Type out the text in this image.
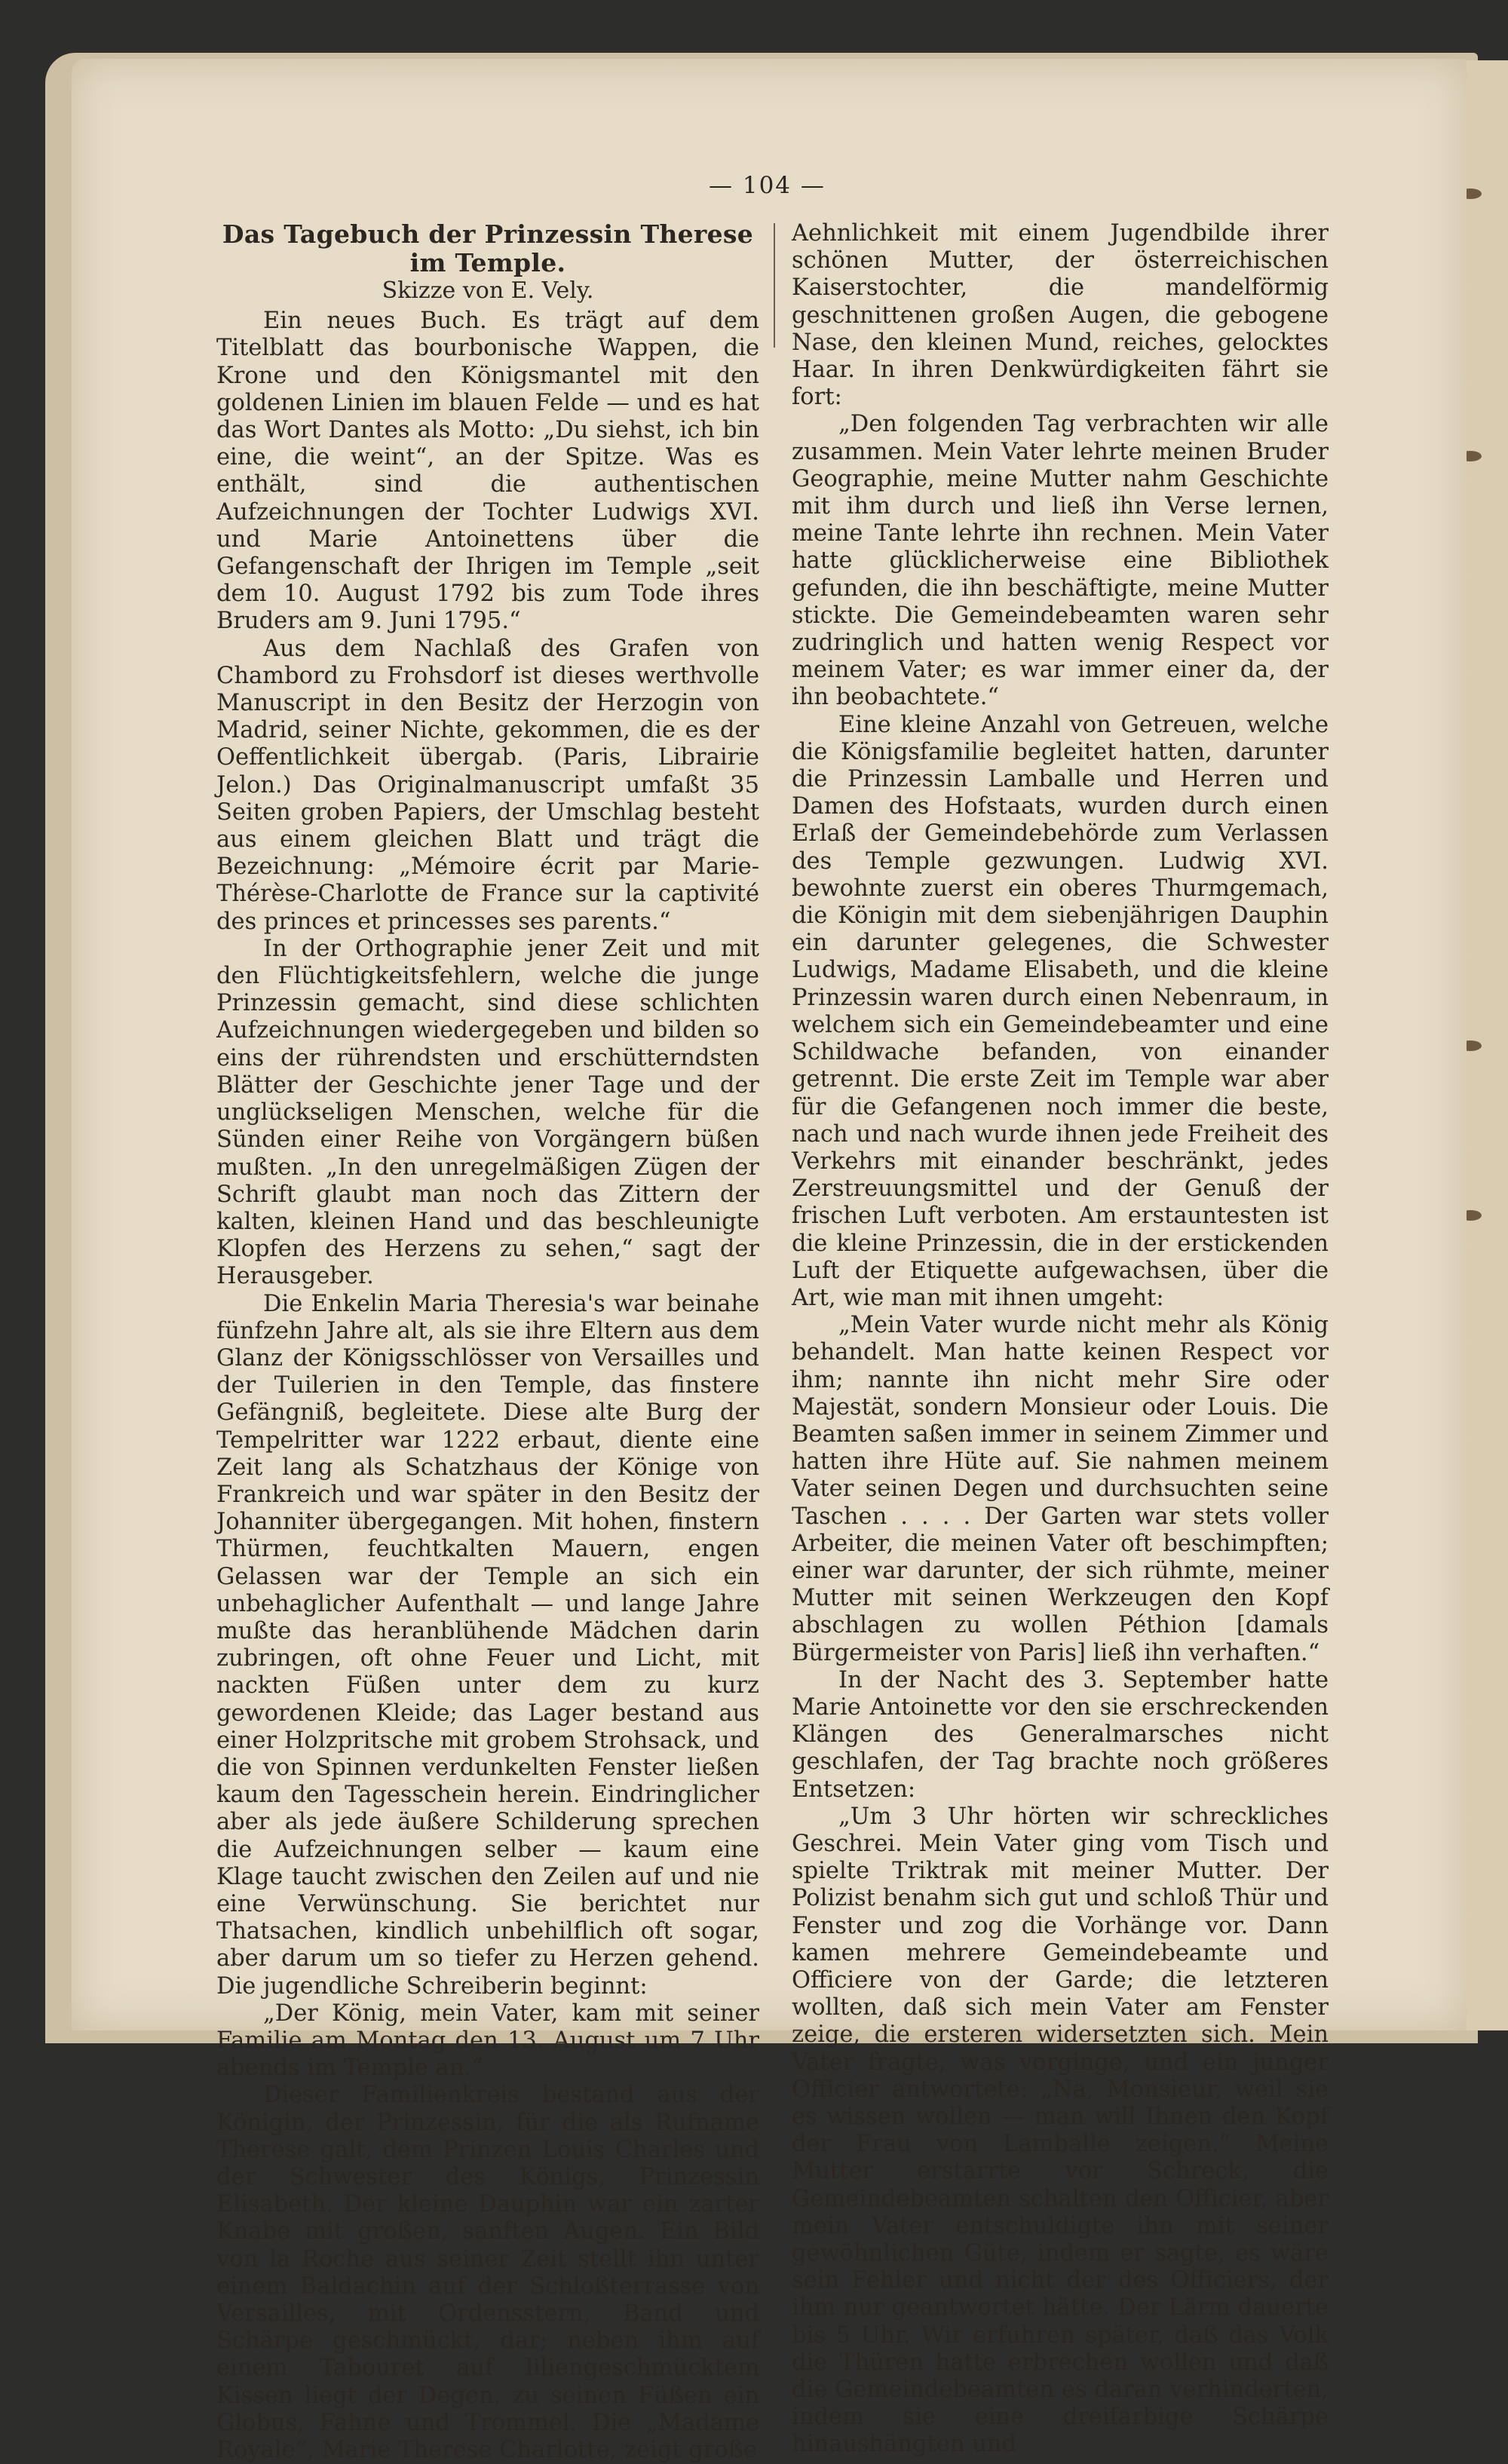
— 104 —
Das Tagebuch der Prinzessin Therese im Temple.
Skizze von E. Vely.

Ein neues Buch. Es trägt auf dem Titelblatt das bourbonische Wappen, die Krone und den Königsmantel mit den goldenen Linien im blauen Felde — und es hat das Wort Dantes als Motto: „Du siehst, ich bin eine, die weint“, an der Spitze. Was es enthält, sind die authentischen Aufzeichnungen der Tochter Ludwigs XVI. und Marie Antoinettens über die Gefangenschaft der Ihrigen im Temple „seit dem 10. August 1792 bis zum Tode ihres Bruders am 9. Juni 1795.“

Aus dem Nachlaß des Grafen von Chambord zu Frohsdorf ist dieses werthvolle Manuscript in den Besitz der Herzogin von Madrid, seiner Nichte, gekommen, die es der Oeffentlichkeit übergab. (Paris, Librairie Jelon.) Das Originalmanuscript umfaßt 35 Seiten groben Papiers, der Umschlag besteht aus einem gleichen Blatt und trägt die Bezeichnung: „Mémoire écrit par Marie-Thérèse-Charlotte de France sur la captivité des princes et princesses ses parents.“

In der Orthographie jener Zeit und mit den Flüchtigkeitsfehlern, welche die junge Prinzessin gemacht, sind diese schlichten Aufzeichnungen wiedergegeben und bilden so eins der rührendsten und erschütterndsten Blätter der Geschichte jener Tage und der unglückseligen Menschen, welche für die Sünden einer Reihe von Vorgängern büßen mußten. „In den unregelmäßigen Zügen der Schrift glaubt man noch das Zittern der kalten, kleinen Hand und das beschleunigte Klopfen des Herzens zu sehen,“ sagt der Herausgeber.

Die Enkelin Maria Theresia's war beinahe fünfzehn Jahre alt, als sie ihre Eltern aus dem Glanz der Königsschlösser von Versailles und der Tuilerien in den Temple, das finstere Gefängniß, begleitete. Diese alte Burg der Tempelritter war 1222 erbaut, diente eine Zeit lang als Schatzhaus der Könige von Frankreich und war später in den Besitz der Johanniter übergegangen. Mit hohen, finstern Thürmen, feuchtkalten Mauern, engen Gelassen war der Temple an sich ein unbehaglicher Aufenthalt — und lange Jahre mußte das heranblühende Mädchen darin zubringen, oft ohne Feuer und Licht, mit nackten Füßen unter dem zu kurz gewordenen Kleide; das Lager bestand aus einer Holzpritsche mit grobem Strohsack, und die von Spinnen verdunkelten Fenster ließen kaum den Tagesschein herein. Eindringlicher aber als jede äußere Schilderung sprechen die Aufzeichnungen selber — kaum eine Klage taucht zwischen den Zeilen auf und nie eine Verwünschung. Sie berichtet nur Thatsachen, kindlich unbehilflich oft sogar, aber darum um so tiefer zu Herzen gehend. Die jugendliche Schreiberin beginnt:

„Der König, mein Vater, kam mit seiner Familie am Montag den 13. August um 7 Uhr abends im Temple an.“

Dieser Familienkreis bestand aus der Königin, der Prinzessin, für die als Rufname Therese galt, dem Prinzen Louis Charles und der Schwester des Königs, Prinzessin Elisabeth. Der kleine Dauphin war ein zarter Knabe mit großen, sanften Augen. Ein Bild von la Roche aus seiner Zeit stellt ihn unter einem Baldachin auf der Schloßterrasse von Versailles, mit Ordensstern, Band und Schärpe geschmückt, dar; neben ihm auf einem Tabouret auf liliengeschmücktem Kissen liegt der Degen, zu seinen Füßen ein Globus, Fahne und Trommel. Die „Madame Royale“, Marie Therese Charlotte, zeigt große

Aehnlichkeit mit einem Jugendbilde ihrer schönen Mutter, der österreichischen Kaiserstochter, die mandelförmig geschnittenen großen Augen, die gebogene Nase, den kleinen Mund, reiches, gelocktes Haar. In ihren Denkwürdigkeiten fährt sie fort:

„Den folgenden Tag verbrachten wir alle zusammen. Mein Vater lehrte meinen Bruder Geographie, meine Mutter nahm Geschichte mit ihm durch und ließ ihn Verse lernen, meine Tante lehrte ihn rechnen. Mein Vater hatte glücklicherweise eine Bibliothek gefunden, die ihn beschäftigte, meine Mutter stickte. Die Gemeindebeamten waren sehr zudringlich und hatten wenig Respect vor meinem Vater; es war immer einer da, der ihn beobachtete.“

Eine kleine Anzahl von Getreuen, welche die Königsfamilie begleitet hatten, darunter die Prinzessin Lamballe und Herren und Damen des Hofstaats, wurden durch einen Erlaß der Gemeindebehörde zum Verlassen des Temple gezwungen. Ludwig XVI. bewohnte zuerst ein oberes Thurmgemach, die Königin mit dem siebenjährigen Dauphin ein darunter gelegenes, die Schwester Ludwigs, Madame Elisabeth, und die kleine Prinzessin waren durch einen Nebenraum, in welchem sich ein Gemeindebeamter und eine Schildwache befanden, von einander getrennt. Die erste Zeit im Temple war aber für die Gefangenen noch immer die beste, nach und nach wurde ihnen jede Freiheit des Verkehrs mit einander beschränkt, jedes Zerstreuungsmittel und der Genuß der frischen Luft verboten. Am erstauntesten ist die kleine Prinzessin, die in der erstickenden Luft der Etiquette aufgewachsen, über die Art, wie man mit ihnen umgeht:

„Mein Vater wurde nicht mehr als König behandelt. Man hatte keinen Respect vor ihm; nannte ihn nicht mehr Sire oder Majestät, sondern Monsieur oder Louis. Die Beamten saßen immer in seinem Zimmer und hatten ihre Hüte auf. Sie nahmen meinem Vater seinen Degen und durchsuchten seine Taschen . . . . Der Garten war stets voller Arbeiter, die meinen Vater oft beschimpften; einer war darunter, der sich rühmte, meiner Mutter mit seinen Werkzeugen den Kopf abschlagen zu wollen Péthion [damals Bürgermeister von Paris] ließ ihn verhaften.“

In der Nacht des 3. September hatte Marie Antoinette vor den sie erschreckenden Klängen des Generalmarsches nicht geschlafen, der Tag brachte noch größeres Entsetzen:

„Um 3 Uhr hörten wir schreckliches Geschrei. Mein Vater ging vom Tisch und spielte Triktrak mit meiner Mutter. Der Polizist benahm sich gut und schloß Thür und Fenster und zog die Vorhänge vor. Dann kamen mehrere Gemeindebeamte und Officiere von der Garde; die letzteren wollten, daß sich mein Vater am Fenster zeige, die ersteren widersetzten sich. Mein Vater fragte, was vorginge, und ein junger Officier antwortete: „Na, Monsieur, weil sie es wissen wollen — man will Ihnen den Kopf der Frau von Lamballe zeigen.“ Meine Mutter erstarrte vor Schreck, die Gemeindebeamten schalten den Officier, aber mein Vater entschuldigte ihn mit seiner gewöhnlichen Güte, indem er sagte, es wäre sein Fehler und nicht der des Officiers, der ihm nur geantwortet hätte. Der Lärm dauerte bis 5 Uhr. Wir erfuhren später, daß das Volk die Thüren hatte erbrechen wollen und daß die Gemeindebeamten es daran verhinderten, indem sie eine dreifarbige Schärpe hinaushängten und
